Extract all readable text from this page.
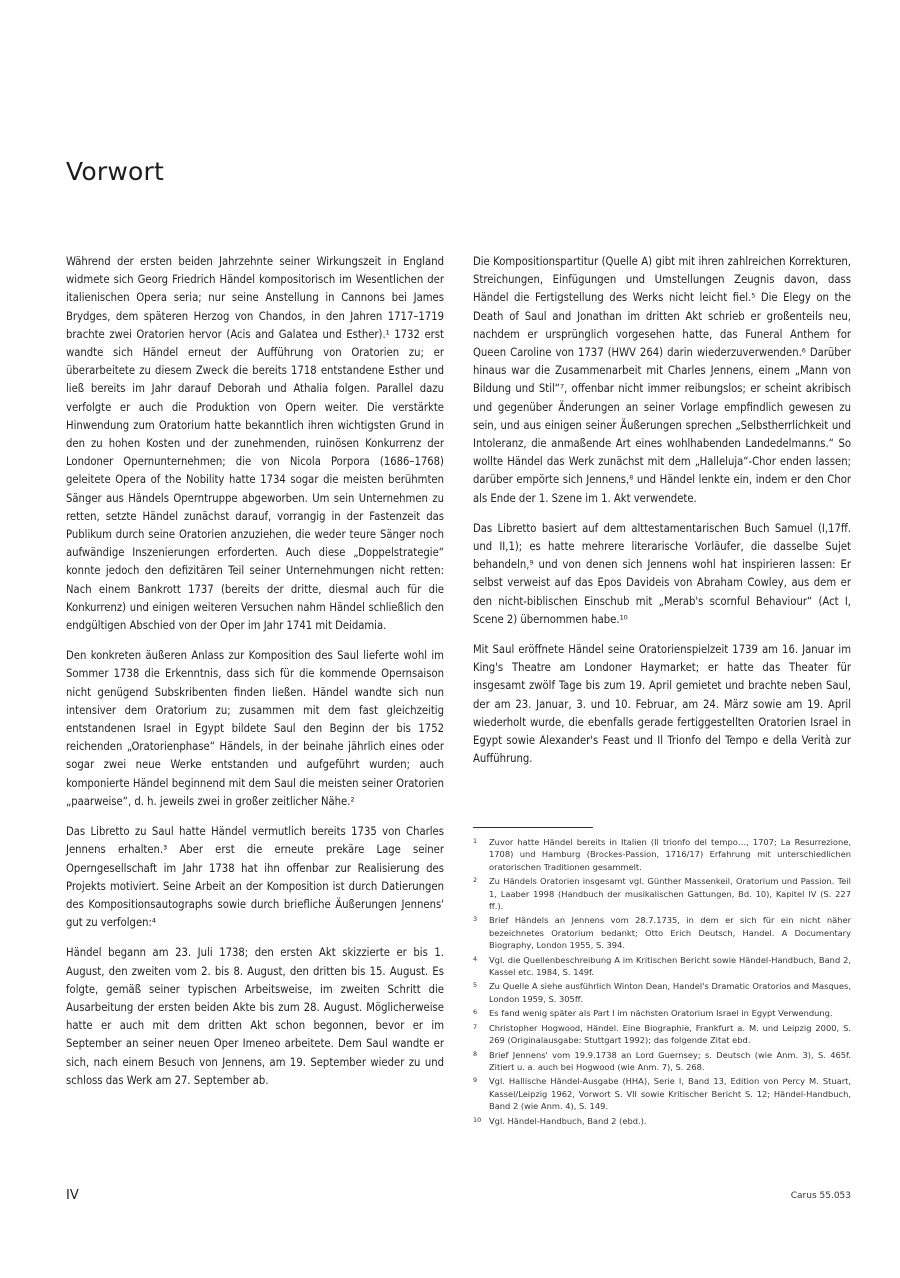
Vorwort

Während der ersten beiden Jahrzehnte seiner Wirkungszeit in England widmete sich Georg Friedrich Händel kompositorisch im Wesentlichen der italienischen Opera seria; nur seine Anstellung in Cannons bei James Brydges, dem späteren Herzog von Chandos, in den Jahren 1717–1719 brachte zwei Oratorien hervor (Acis and Galatea und Esther).¹ 1732 erst wandte sich Händel erneut der Aufführung von Oratorien zu; er überarbeitete zu diesem Zweck die bereits 1718 entstandene Esther und ließ bereits im Jahr darauf Deborah und Athalia folgen. Parallel dazu verfolgte er auch die Produktion von Opern weiter. Die verstärkte Hinwendung zum Oratorium hatte bekanntlich ihren wichtigsten Grund in den zu hohen Kosten und der zunehmenden, ruinösen Konkurrenz der Londoner Opernunternehmen; die von Nicola Porpora (1686–1768) geleitete Opera of the Nobility hatte 1734 sogar die meisten berühmten Sänger aus Händels Operntruppe abgeworben. Um sein Unternehmen zu retten, setzte Händel zunächst darauf, vorrangig in der Fastenzeit das Publikum durch seine Oratorien anzuziehen, die weder teure Sänger noch aufwändige Inszenierungen erforderten. Auch diese „Doppelstrategie“ konnte jedoch den defizitären Teil seiner Unternehmungen nicht retten: Nach einem Bankrott 1737 (bereits der dritte, diesmal auch für die Konkurrenz) und einigen weiteren Versuchen nahm Händel schließlich den endgültigen Abschied von der Oper im Jahr 1741 mit Deidamia.

Den konkreten äußeren Anlass zur Komposition des Saul lieferte wohl im Sommer 1738 die Erkenntnis, dass sich für die kommende Opernsaison nicht genügend Subskribenten finden ließen. Händel wandte sich nun intensiver dem Oratorium zu; zusammen mit dem fast gleichzeitig entstandenen Israel in Egypt bildete Saul den Beginn der bis 1752 reichenden „Oratorienphase“ Händels, in der beinahe jährlich eines oder sogar zwei neue Werke entstanden und aufgeführt wurden; auch komponierte Händel beginnend mit dem Saul die meisten seiner Oratorien „paarweise“, d. h. jeweils zwei in großer zeitlicher Nähe.²

Das Libretto zu Saul hatte Händel vermutlich bereits 1735 von Charles Jennens erhalten.³ Aber erst die erneute prekäre Lage seiner Operngesellschaft im Jahr 1738 hat ihn offenbar zur Realisierung des Projekts motiviert. Seine Arbeit an der Komposition ist durch Datierungen des Kompositionsautographs sowie durch briefliche Äußerungen Jennens' gut zu verfolgen:⁴

Händel begann am 23. Juli 1738; den ersten Akt skizzierte er bis 1. August, den zweiten vom 2. bis 8. August, den dritten bis 15. August. Es folgte, gemäß seiner typischen Arbeitsweise, im zweiten Schritt die Ausarbeitung der ersten beiden Akte bis zum 28. August. Möglicherweise hatte er auch mit dem dritten Akt schon begonnen, bevor er im September an seiner neuen Oper Imeneo arbeitete. Dem Saul wandte er sich, nach einem Besuch von Jennens, am 19. September wieder zu und schloss das Werk am 27. September ab.

Die Kompositionspartitur (Quelle A) gibt mit ihren zahlreichen Korrekturen, Streichungen, Einfügungen und Umstellungen Zeugnis davon, dass Händel die Fertigstellung des Werks nicht leicht fiel.⁵ Die Elegy on the Death of Saul and Jonathan im dritten Akt schrieb er großenteils neu, nachdem er ursprünglich vorgesehen hatte, das Funeral Anthem for Queen Caroline von 1737 (HWV 264) darin wiederzuverwenden.⁶ Darüber hinaus war die Zusammenarbeit mit Charles Jennens, einem „Mann von Bildung und Stil“⁷, offenbar nicht immer reibungslos; er scheint akribisch und gegenüber Änderungen an seiner Vorlage empfindlich gewesen zu sein, und aus einigen seiner Äußerungen sprechen „Selbstherrlichkeit und Intoleranz, die anmaßende Art eines wohlhabenden Landedelmanns.“ So wollte Händel das Werk zunächst mit dem „Halleluja“-Chor enden lassen; darüber empörte sich Jennens,⁸ und Händel lenkte ein, indem er den Chor als Ende der 1. Szene im 1. Akt verwendete.

Das Libretto basiert auf dem alttestamentarischen Buch Samuel (I,17ff. und II,1); es hatte mehrere literarische Vorläufer, die dasselbe Sujet behandeln,⁹ und von denen sich Jennens wohl hat inspirieren lassen: Er selbst verweist auf das Epos Davideis von Abraham Cowley, aus dem er den nicht-biblischen Einschub mit „Merab's scornful Behaviour“ (Act I, Scene 2) übernommen habe.¹⁰

Mit Saul eröffnete Händel seine Oratorienspielzeit 1739 am 16. Januar im King's Theatre am Londoner Haymarket; er hatte das Theater für insgesamt zwölf Tage bis zum 19. April gemietet und brachte neben Saul, der am 23. Januar, 3. und 10. Februar, am 24. März sowie am 19. April wiederholt wurde, die ebenfalls gerade fertiggestellten Oratorien Israel in Egypt sowie Alexander's Feast und Il Trionfo del Tempo e della Verità zur Aufführung.

1	Zuvor hatte Händel bereits in Italien (Il trionfo del tempo…, 1707; La Resurrezione, 1708) und Hamburg (Brockes-Passion, 1716/17) Erfahrung mit unterschiedlichen oratorischen Traditionen gesammelt.
2	Zu Händels Oratorien insgesamt vgl. Günther Massenkeil, Oratorium und Passion. Teil 1, Laaber 1998 (Handbuch der musikalischen Gattungen, Bd. 10), Kapitel IV (S. 227 ff.).
3	Brief Händels an Jennens vom 28.7.1735, in dem er sich für ein nicht näher bezeichnetes Oratorium bedankt; Otto Erich Deutsch, Handel. A Documentary Biography, London 1955, S. 394.
4	Vgl. die Quellenbeschreibung A im Kritischen Bericht sowie Händel-Handbuch, Band 2, Kassel etc. 1984, S. 149f.
5	Zu Quelle A siehe ausführlich Winton Dean, Handel's Dramatic Oratorios and Masques, London 1959, S. 305ff.
6	Es fand wenig später als Part I im nächsten Oratorium Israel in Egypt Verwendung.
7	Christopher Hogwood, Händel. Eine Biographie, Frankfurt a. M. und Leipzig 2000, S. 269 (Originalausgabe: Stuttgart 1992); das folgende Zitat ebd.
8	Brief Jennens' vom 19.9.1738 an Lord Guernsey; s. Deutsch (wie Anm. 3), S. 465f. Zitiert u. a. auch bei Hogwood (wie Anm. 7), S. 268.
9	Vgl. Hallische Händel-Ausgabe (HHA), Serie I, Band 13, Edition von Percy M. Stuart, Kassel/Leipzig 1962, Vorwort S. VII sowie Kritischer Bericht S. 12; Händel-Handbuch, Band 2 (wie Anm. 4), S. 149.
10 Vgl. Händel-Handbuch, Band 2 (ebd.).
IV	Carus 55.053
